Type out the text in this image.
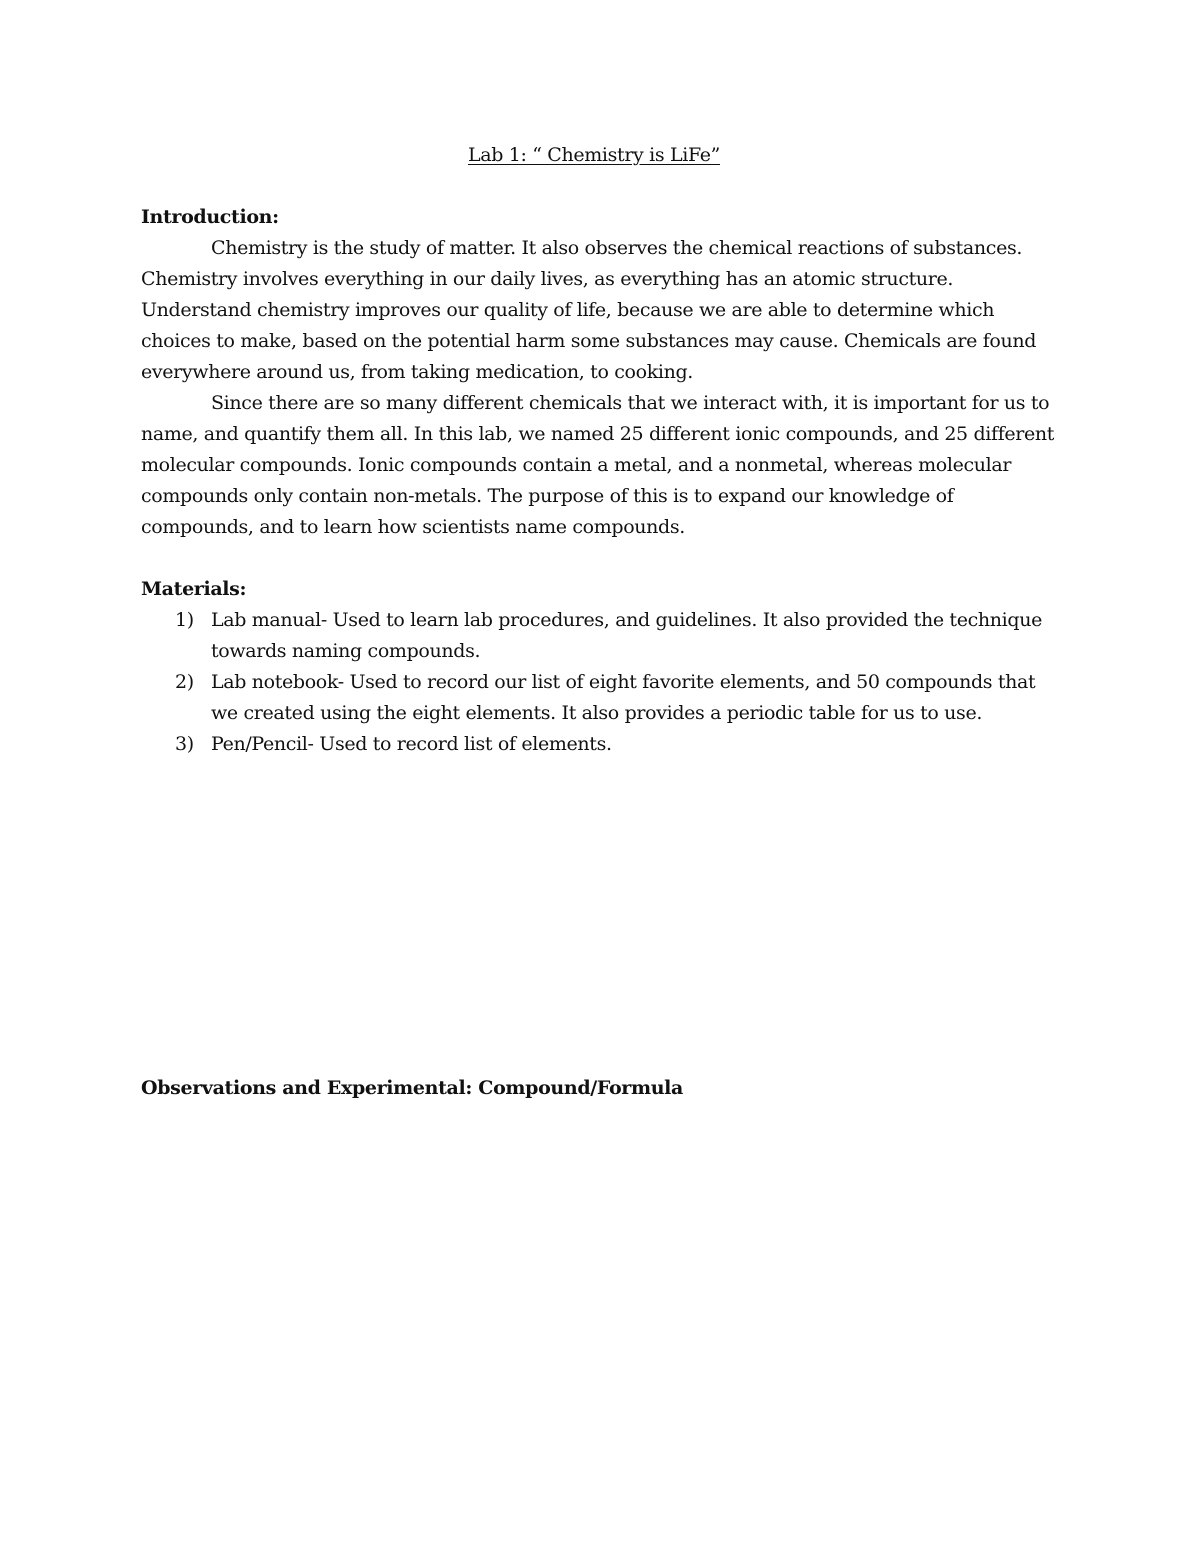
Lab 1: “ Chemistry is LiFe”

Introduction:

Chemistry is the study of matter. It also observes the chemical reactions of substances. Chemistry involves everything in our daily lives, as everything has an atomic structure. Understand chemistry improves our quality of life, because we are able to determine which choices to make, based on the potential harm some substances may cause. Chemicals are found everywhere around us, from taking medication, to cooking.

Since there are so many different chemicals that we interact with, it is important for us to name, and quantify them all. In this lab, we named 25 different ionic compounds, and 25 different molecular compounds. Ionic compounds contain a metal, and a nonmetal, whereas molecular compounds only contain non-metals. The purpose of this is to expand our knowledge of compounds, and to learn how scientists name compounds.

Materials:

1) Lab manual- Used to learn lab procedures, and guidelines. It also provided the technique towards naming compounds.
2) Lab notebook- Used to record our list of eight favorite elements, and 50 compounds that we created using the eight elements. It also provides a periodic table for us to use.
3) Pen/Pencil- Used to record list of elements.

Observations and Experimental: Compound/Formula
